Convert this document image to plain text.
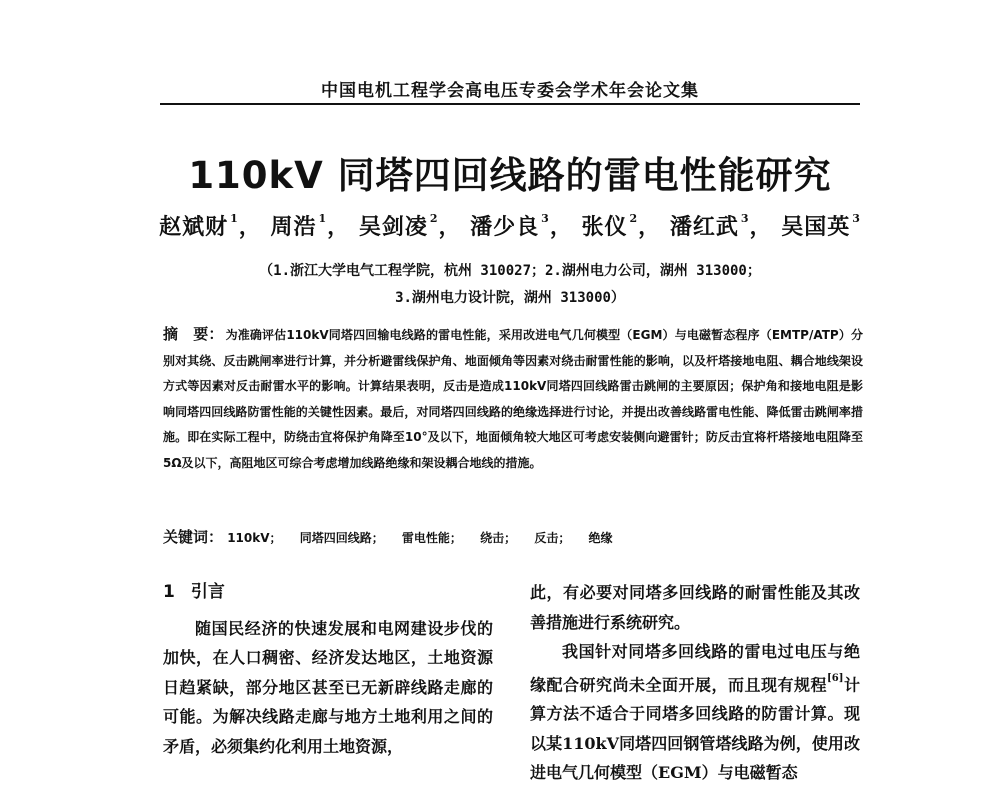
中国电机工程学会高电压专委会学术年会论文集
110kV 同塔四回线路的雷电性能研究
赵斌财 $^1$， 周浩 $^1$， 吴剑凌 $^2$， 潘少良 $^3$， 张仪 $^2$， 潘红武 $^3$， 吴国英 $^3$
（1.浙江大学电气工程学院，杭州 310027；2.湖州电力公司，湖州 313000；
3.湖州电力设计院，湖州 313000）
摘　要： 为准确评估110kV同塔四回输电线路的雷电性能，采用改进电气几何模型（EGM）与电磁暂态程序（EMTP/ATP）分别对其绕、反击跳闸率进行计算，并分析避雷线保护角、地面倾角等因素对绕击耐雷性能的影响，以及杆塔接地电阻、耦合地线架设方式等因素对反击耐雷水平的影响。计算结果表明，反击是造成110kV同塔四回线路雷击跳闸的主要原因；保护角和接地电阻是影响同塔四回线路防雷性能的关键性因素。最后，对同塔四回线路的绝缘选择进行讨论，并提出改善线路雷电性能、降低雷击跳闸率措施。即在实际工程中，防绕击宜将保护角降至10°及以下，地面倾角较大地区可考虑安装侧向避雷针；防反击宜将杆塔接地电阻降至5Ω及以下，高阻地区可综合考虑增加线路绝缘和架设耦合地线的措施。
关键词： 110kV； 同塔四回线路； 雷电性能； 绕击； 反击； 绝缘
1 引言

随国民经济的快速发展和电网建设步伐的加快，在人口稠密、经济发达地区，土地资源日趋紧缺，部分地区甚至已无新辟线路走廊的可能。为解决线路走廊与地方土地利用之间的矛盾，必须集约化利用土地资源，

此，有必要对同塔多回线路的耐雷性能及其改善措施进行系统研究。

我国针对同塔多回线路的雷电过电压与绝缘配合研究尚未全面开展，而且现有规程[6]计算方法不适合于同塔多回线路的防雷计算。现以某110kV同塔四回钢管塔线路为例，使用改进电气几何模型（EGM）与电磁暂态
